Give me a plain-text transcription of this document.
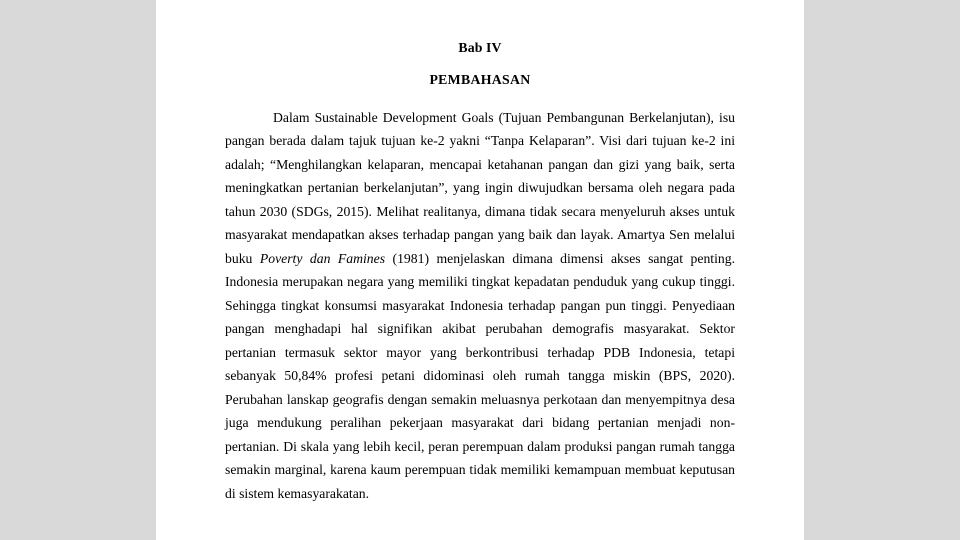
Bab IV

PEMBAHASAN

Dalam Sustainable Development Goals (Tujuan Pembangunan Berkelanjutan), isu pangan berada dalam tajuk tujuan ke-2 yakni “Tanpa Kelaparan”. Visi dari tujuan ke-2 ini adalah; “Menghilangkan kelaparan, mencapai ketahanan pangan dan gizi yang baik, serta meningkatkan pertanian berkelanjutan”, yang ingin diwujudkan bersama oleh negara pada tahun 2030 (SDGs, 2015). Melihat realitanya, dimana tidak secara menyeluruh akses untuk masyarakat mendapatkan akses terhadap pangan yang baik dan layak. Amartya Sen melalui buku Poverty dan Famines (1981) menjelaskan dimana dimensi akses sangat penting. Indonesia merupakan negara yang memiliki tingkat kepadatan penduduk yang cukup tinggi. Sehingga tingkat konsumsi masyarakat Indonesia terhadap pangan pun tinggi. Penyediaan pangan menghadapi hal signifikan akibat perubahan demografis masyarakat. Sektor pertanian termasuk sektor mayor yang berkontribusi terhadap PDB Indonesia, tetapi sebanyak 50,84% profesi petani didominasi oleh rumah tangga miskin (BPS, 2020). Perubahan lanskap geografis dengan semakin meluasnya perkotaan dan menyempitnya desa juga mendukung peralihan pekerjaan masyarakat dari bidang pertanian menjadi non-pertanian. Di skala yang lebih kecil, peran perempuan dalam produksi pangan rumah tangga semakin marginal, karena kaum perempuan tidak memiliki kemampuan membuat keputusan di sistem kemasyarakatan.
